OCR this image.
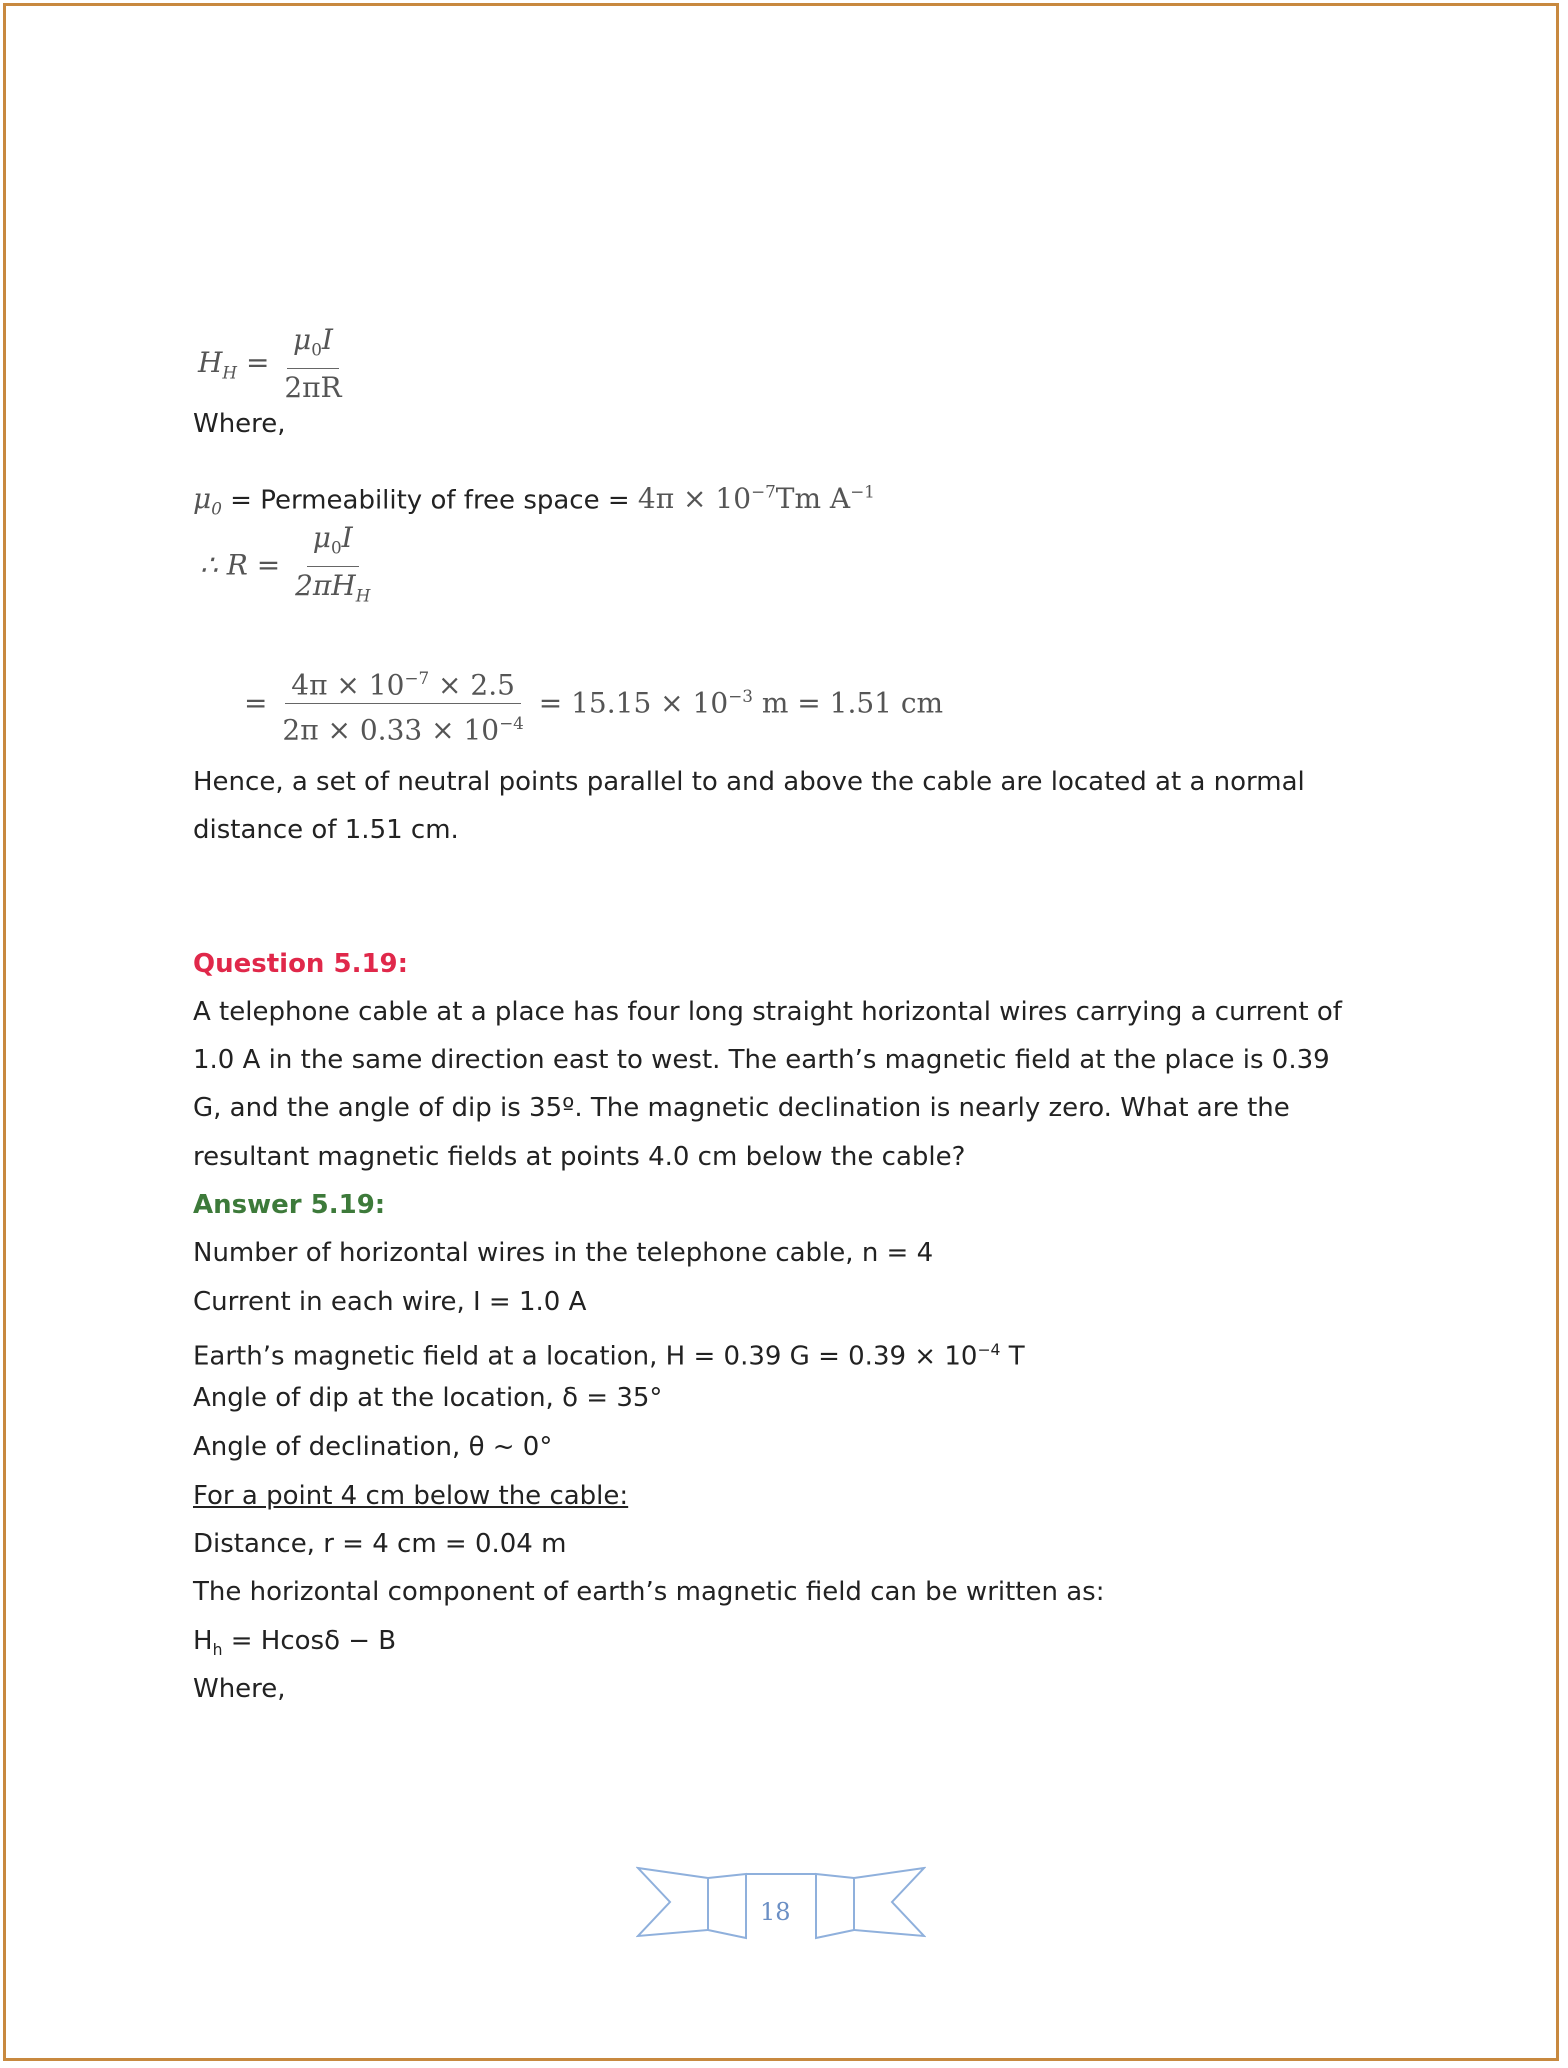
$H_H = \frac{\mu_0I}{2\pi R}$
Where,
$\mu_0$ = Permeability of free space = $4\pi \times 10^{-7}Tm$ $A^{-1}$
∴ $R = \frac{\mu_0I}{2\pi H_H}$
= $\frac{4\pi \times 10^{-7} \times 2.5}{2\pi \times 0.33 \times 10^{-4}} = 15.15 \times 10^{-3}$ m = 1.51 cm
Hence, a set of neutral points parallel to and above the cable are located at a normal
distance of 1.51 cm.
Question 5.19:
A telephone cable at a place has four long straight horizontal wires carrying a current of
1.0 A in the same direction east to west. The earth’s magnetic field at the place is 0.39
G, and the angle of dip is 35º. The magnetic declination is nearly zero. What are the
resultant magnetic fields at points 4.0 cm below the cable?
Answer 5.19:
Number of horizontal wires in the telephone cable, n = 4
Current in each wire, I = 1.0 A
Earth’s magnetic field at a location, H = 0.39 $G = 0.39 \times 10^{-4}$ T
Angle of dip at the location, δ = 35°
Angle of declination, θ ~ 0°
For a point 4 cm below the cable:
Distance, r = 4 cm = 0.04 m
The horizontal component of earth’s magnetic field can be written as:
$H_h = Hcos\delta - B$
Where,
18
